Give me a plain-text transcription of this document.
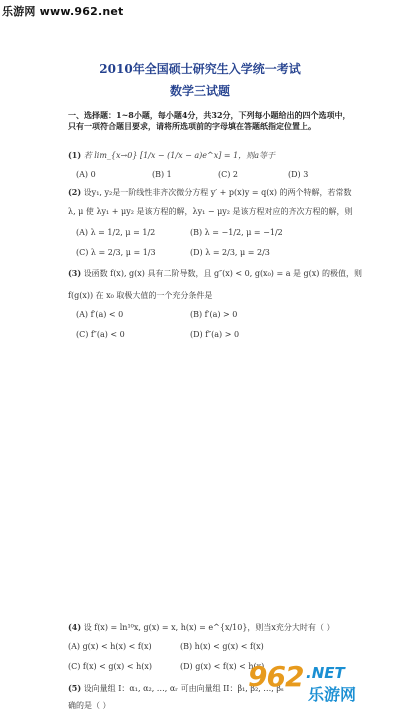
乐游网 www.962.net
2010年全国硕士研究生入学统一考试
数学三试题
一、选择题：1~8小题，每小题4分，共32分，下列每小题给出的四个选项中，
只有一项符合题目要求，请将所选项前的字母填在答题纸指定位置上。
(1) 若 lim_{x→0} [1/x − (1/x − a)e^x] = 1，则a等于
(A) 0	(B) 1	(C) 2	(D) 3
(2) 设y₁, y₂是一阶线性非齐次微分方程 y′ + p(x)y = q(x) 的两个特解，若常数
λ, μ 使 λy₁ + μy₂ 是该方程的解，λy₁ − μy₂ 是该方程对应的齐次方程的解，则
(A) λ = 1/2, μ = 1/2	(B) λ = −1/2, μ = −1/2
(C) λ = 2/3, μ = 1/3	(D) λ = 2/3, μ = 2/3
(3) 设函数 f(x), g(x) 具有二阶导数，且 g″(x) < 0, g(x₀) = a 是 g(x) 的极值，则
f(g(x)) 在 x₀ 取极大值的一个充分条件是
(A) f′(a) < 0	(B) f′(a) > 0
(C) f″(a) < 0	(D) f″(a) > 0
(4) 设 f(x) = ln¹⁰x, g(x) = x, h(x) = e^{x/10}，则当x充分大时有（ ）
(A) g(x) < h(x) < f(x)	(B) h(x) < g(x) < f(x)
(C) f(x) < g(x) < h(x)	(D) g(x) < f(x) < h(x)
(5) 设向量组 I：α₁, α₂, …, αᵣ 可由向量组 II：β₁, β₂, …, βₛ
确的是（ ）
962 .NET
乐游网
